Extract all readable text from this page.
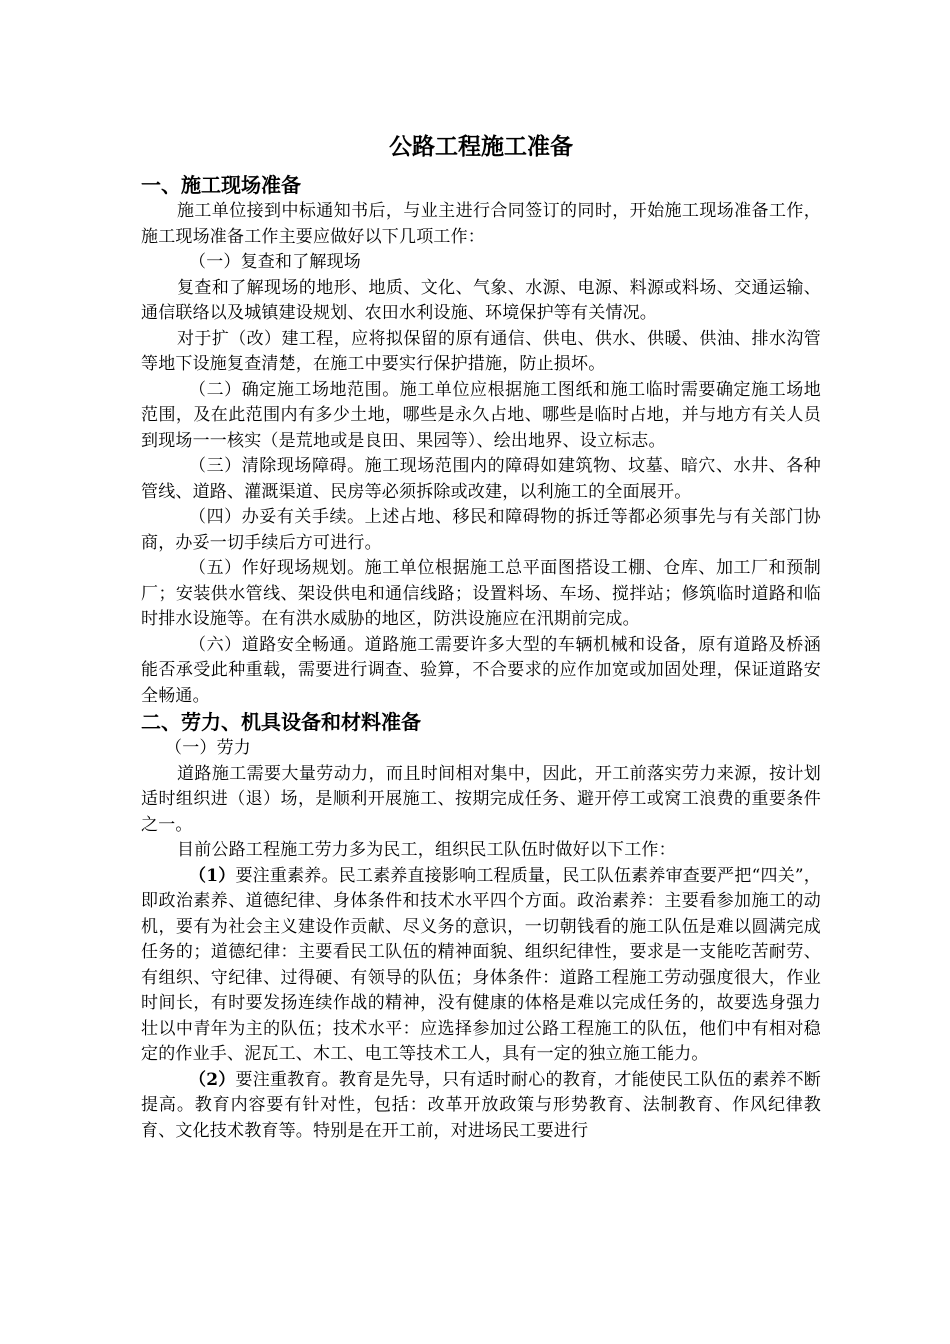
公路工程施工准备
一、施工现场准备

施工单位接到中标通知书后，与业主进行合同签订的同时，开始施工现场准备工作，施工现场准备工作主要应做好以下几项工作：

（一）复查和了解现场

复查和了解现场的地形、地质、文化、气象、水源、电源、料源或料场、交通运输、通信联络以及城镇建设规划、农田水利设施、环境保护等有关情况。

对于扩（改）建工程，应将拟保留的原有通信、供电、供水、供暖、供油、排水沟管等地下设施复查清楚，在施工中要实行保护措施，防止损坏。

（二）确定施工场地范围。施工单位应根据施工图纸和施工临时需要确定施工场地范围，及在此范围内有多少土地，哪些是永久占地、哪些是临时占地，并与地方有关人员到现场一一核实（是荒地或是良田、果园等）、绘出地界、设立标志。

（三）清除现场障碍。施工现场范围内的障碍如建筑物、坟墓、暗穴、水井、各种管线、道路、灌溉渠道、民房等必须拆除或改建，以利施工的全面展开。

（四）办妥有关手续。上述占地、移民和障碍物的拆迁等都必须事先与有关部门协商，办妥一切手续后方可进行。

（五）作好现场规划。施工单位根据施工总平面图搭设工棚、仓库、加工厂和预制厂；安装供水管线、架设供电和通信线路；设置料场、车场、搅拌站；修筑临时道路和临时排水设施等。在有洪水威胁的地区，防洪设施应在汛期前完成。

（六）道路安全畅通。道路施工需要许多大型的车辆机械和设备，原有道路及桥涵能否承受此种重载，需要进行调查、验算，不合要求的应作加宽或加固处理，保证道路安全畅通。

二、劳力、机具设备和材料准备

（一）劳力

道路施工需要大量劳动力，而且时间相对集中，因此，开工前落实劳力来源，按计划适时组织进（退）场，是顺利开展施工、按期完成任务、避开停工或窝工浪费的重要条件之一。

目前公路工程施工劳力多为民工，组织民工队伍时做好以下工作：

（1）要注重素养。民工素养直接影响工程质量，民工队伍素养审查要严把“四关”，即政治素养、道德纪律、身体条件和技术水平四个方面。政治素养：主要看参加施工的动机，要有为社会主义建设作贡献、尽义务的意识，一切朝钱看的施工队伍是难以圆满完成任务的；道德纪律：主要看民工队伍的精神面貌、组织纪律性，要求是一支能吃苦耐劳、有组织、守纪律、过得硬、有领导的队伍；身体条件：道路工程施工劳动强度很大，作业时间长，有时要发扬连续作战的精神，没有健康的体格是难以完成任务的，故要选身强力壮以中青年为主的队伍；技术水平：应选择参加过公路工程施工的队伍，他们中有相对稳定的作业手、泥瓦工、木工、电工等技术工人，具有一定的独立施工能力。

（2）要注重教育。教育是先导，只有适时耐心的教育，才能使民工队伍的素养不断提高。教育内容要有针对性，包括：改革开放政策与形势教育、法制教育、作风纪律教育、文化技术教育等。特别是在开工前，对进场民工要进行
